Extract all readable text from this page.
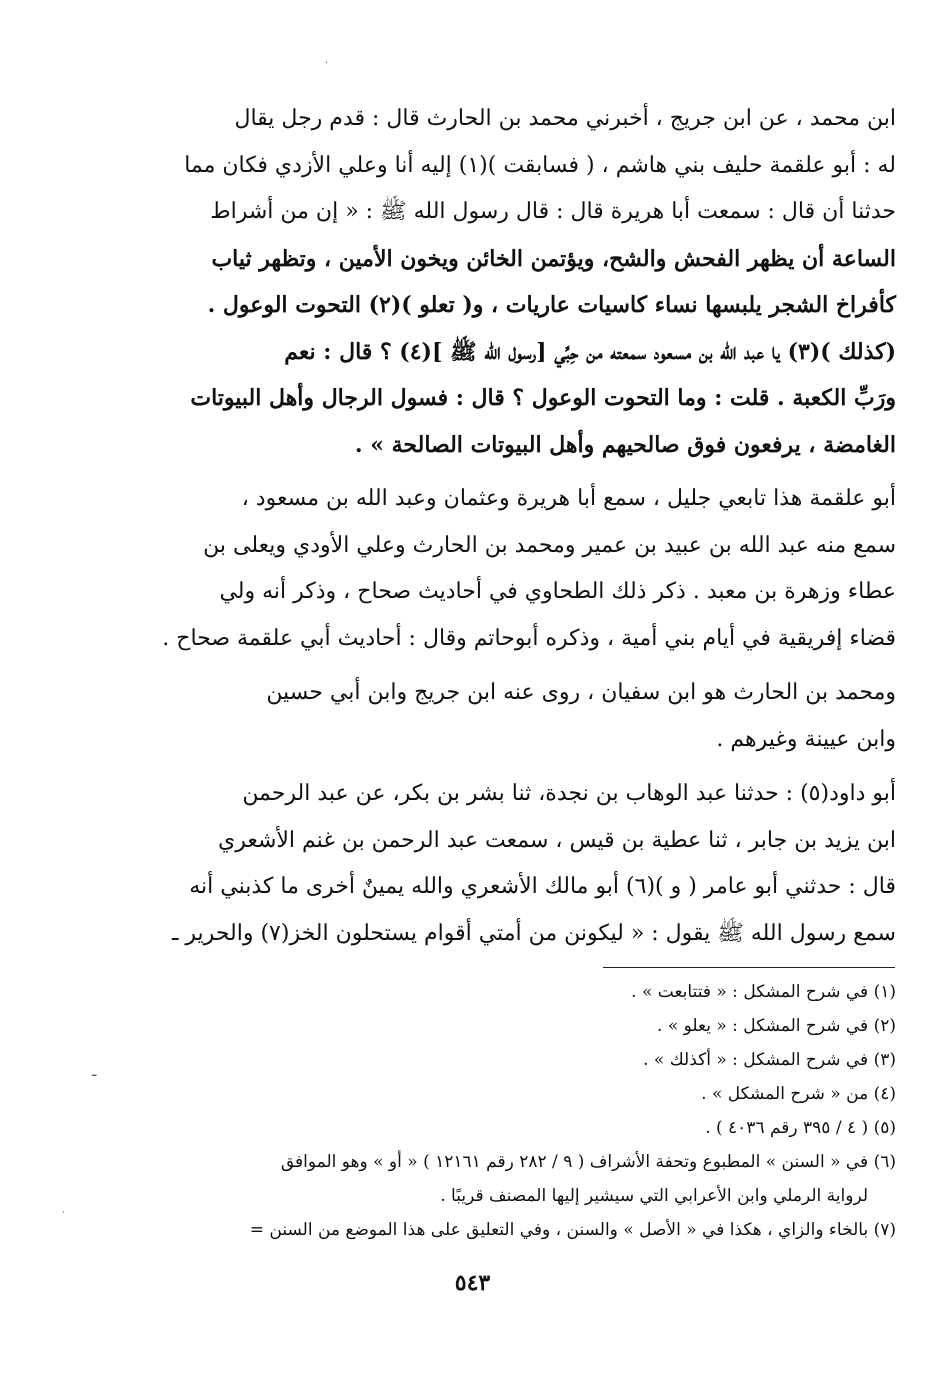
·
ـ
·
ابن محمد ، عن ابن جريج ، أخبرني محمد بن الحارث قال : قدم رجل يقال
له : أبو علقمة حليف بني هاشم ، ( فسابقت )(١) إليه أنا وعلي الأزدي فكان مما
حدثنا أن قال : سمعت أبا هريرة قال : قال رسول الله ﷺ : « إن من أشراط
الساعة أن يظهر الفحش والشح، ويؤتمن الخائن ويخون الأمين ، وتظهر ثياب
كأفراخ الشجر يلبسها نساء كاسيات عاريات ، و( تعلو )(٢) التحوت الوعول .
(كذلك )(٣) يا عبد الله بن مسعود سمعته من حِبِّي [رسول الله ﷺ ](٤) ؟ قال : نعم
ورَبِّ الكعبة . قلت : وما التحوت الوعول ؟ قال : فسول الرجال وأهل البيوتات
الغامضة ، يرفعون فوق صالحيهم وأهل البيوتات الصالحة » .
أبو علقمة هذا تابعي جليل ، سمع أبا هريرة وعثمان وعبد الله بن مسعود ،
سمع منه عبد الله بن عبيد بن عمير ومحمد بن الحارث وعلي الأودي ويعلى بن
عطاء وزهرة بن معبد . ذكر ذلك الطحاوي في أحاديث صحاح ، وذكر أنه ولي
قضاء إفريقية في أيام بني أمية ، وذكره أبوحاتم وقال : أحاديث أبي علقمة صحاح .
ومحمد بن الحارث هو ابن سفيان ، روى عنه ابن جريج وابن أبي حسين
وابن عيينة وغيرهم .
أبو داود(٥) : حدثنا عبد الوهاب بن نجدة، ثنا بشر بن بكر، عن عبد الرحمن
ابن يزيد بن جابر ، ثنا عطية بن قيس ، سمعت عبد الرحمن بن غنم الأشعري
قال : حدثني أبو عامر ( و )(٦) أبو مالك الأشعري والله يمينٌ أخرى ما كذبني أنه
سمع رسول الله ﷺ يقول : « ليكونن من أمتي أقوام يستحلون الخز(٧) والحرير ـ
(١) في شرح المشكل : « فتتابعت » .
(٢) في شرح المشكل : « يعلو » .
(٣) في شرح المشكل : « أكذلك » .
(٤) من « شرح المشكل » .
(٥) ( ٤ / ٣٩٥ رقم ٤٠٣٦ ) .
(٦) في « السنن » المطبوع وتحفة الأشراف ( ٩ / ٢٨٢ رقم ١٢١٦١ ) « أو » وهو الموافق
لرواية الرملي وابن الأعرابي التي سيشير إليها المصنف قريبًا .
(٧) بالخاء والزاي ، هكذا في « الأصل » والسنن ، وفي التعليق على هذا الموضع من السنن =
٥٤٣
